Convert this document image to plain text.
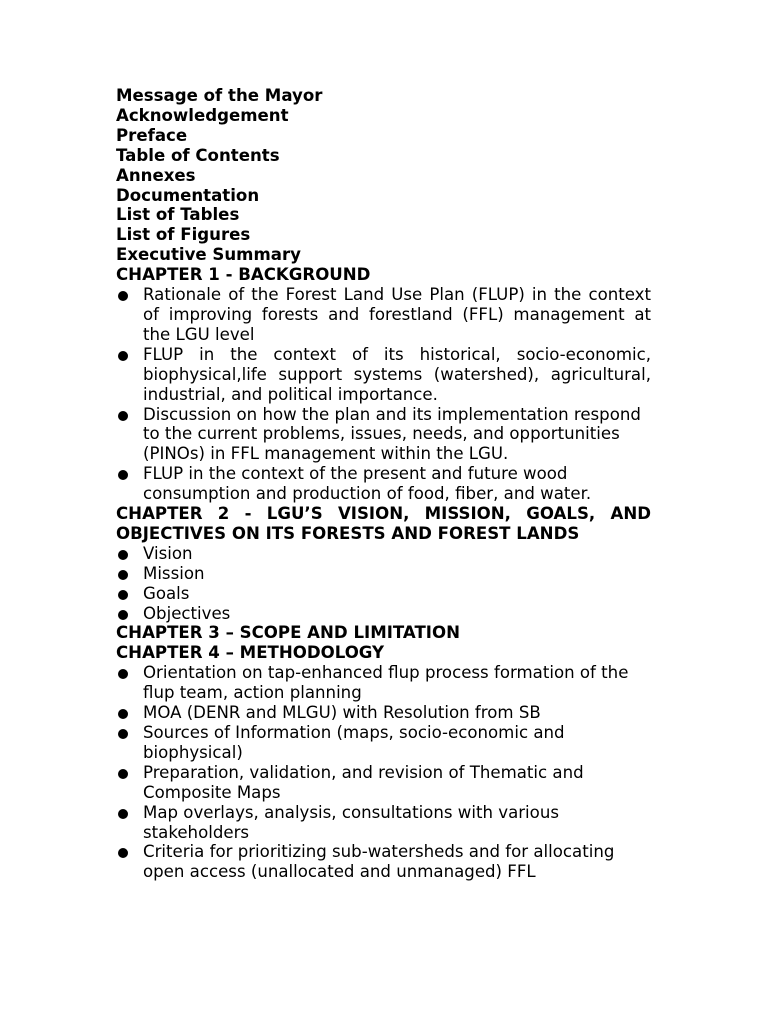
Message of the Mayor
Acknowledgement
Preface
Table of Contents
Annexes
Documentation
List of Tables
List of Figures
Executive Summary
CHAPTER 1 - BACKGROUND
Rationale of the Forest Land Use Plan (FLUP) in the context of improving forests and forestland (FFL) management at the LGU level
FLUP in the context of its historical, socio-economic, biophysical,life support systems (watershed), agricultural, industrial, and political importance.
Discussion on how the plan and its implementation respond to the current problems, issues, needs, and opportunities (PINOs) in FFL management within the LGU.
FLUP in the context of the present and future wood consumption and production of food, fiber, and water.
CHAPTER 2 - LGU’S VISION, MISSION, GOALS, AND OBJECTIVES ON ITS FORESTS AND FOREST LANDS
Vision
Mission
Goals
Objectives
CHAPTER 3 – SCOPE AND LIMITATION
CHAPTER 4 – METHODOLOGY
Orientation on tap-enhanced flup process formation of the flup team, action planning
MOA (DENR and MLGU) with Resolution from SB
Sources of Information (maps, socio-economic and biophysical)
Preparation, validation, and revision of Thematic and Composite Maps
Map overlays, analysis, consultations with various stakeholders
Criteria for prioritizing sub-watersheds and for allocating open access (unallocated and unmanaged) FFL
